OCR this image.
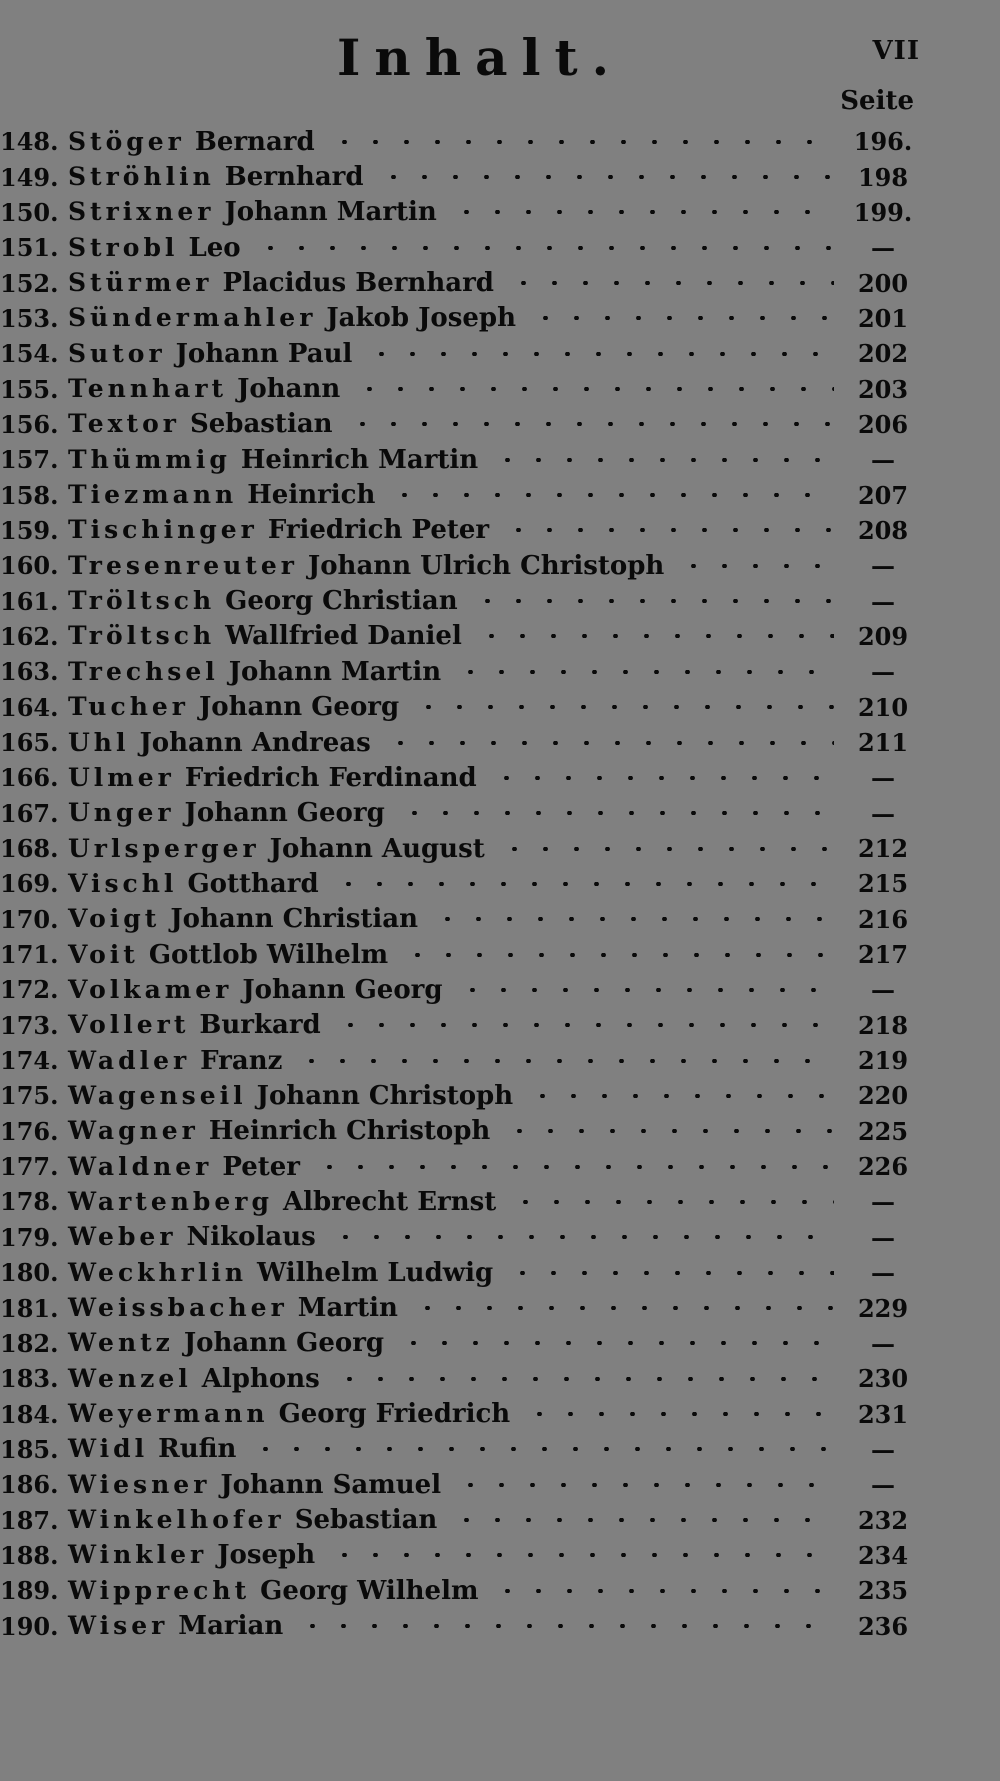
Inhalt.	VII
Seite
148. Stöger Bernard	196.
149. Ströhlin Bernhard	198
150. Strixner Johann Martin	199.
151. Strobl Leo	—
152. Stürmer Placidus Bernhard	200
153. Sündermahler Jakob Joseph	201
154. Sutor Johann Paul	202
155. Tennhart Johann	203
156. Textor Sebastian	206
157. Thümmig Heinrich Martin	—
158. Tiezmann Heinrich	207
159. Tischinger Friedrich Peter	208
160. Tresenreuter Johann Ulrich Christoph	—
161. Tröltsch Georg Christian	—
162. Tröltsch Wallfried Daniel	209
163. Trechsel Johann Martin	—
164. Tucher Johann Georg	210
165. Uhl Johann Andreas	211
166. Ulmer Friedrich Ferdinand	—
167. Unger Johann Georg	—
168. Urlsperger Johann August	212
169. Vischl Gotthard	215
170. Voigt Johann Christian	216
171. Voit Gottlob Wilhelm	217
172. Volkamer Johann Georg	—
173. Vollert Burkard	218
174. Wadler Franz	219
175. Wagenseil Johann Christoph	220
176. Wagner Heinrich Christoph	225
177. Waldner Peter	226
178. Wartenberg Albrecht Ernst	—
179. Weber Nikolaus	—
180. Weckhrlin Wilhelm Ludwig	—
181. Weissbacher Martin	229
182. Wentz Johann Georg	—
183. Wenzel Alphons	230
184. Weyermann Georg Friedrich	231
185. Widl Rufin	—
186. Wiesner Johann Samuel	—
187. Winkelhofer Sebastian	232
188. Winkler Joseph	234
189. Wipprecht Georg Wilhelm	235
190. Wiser Marian	236
